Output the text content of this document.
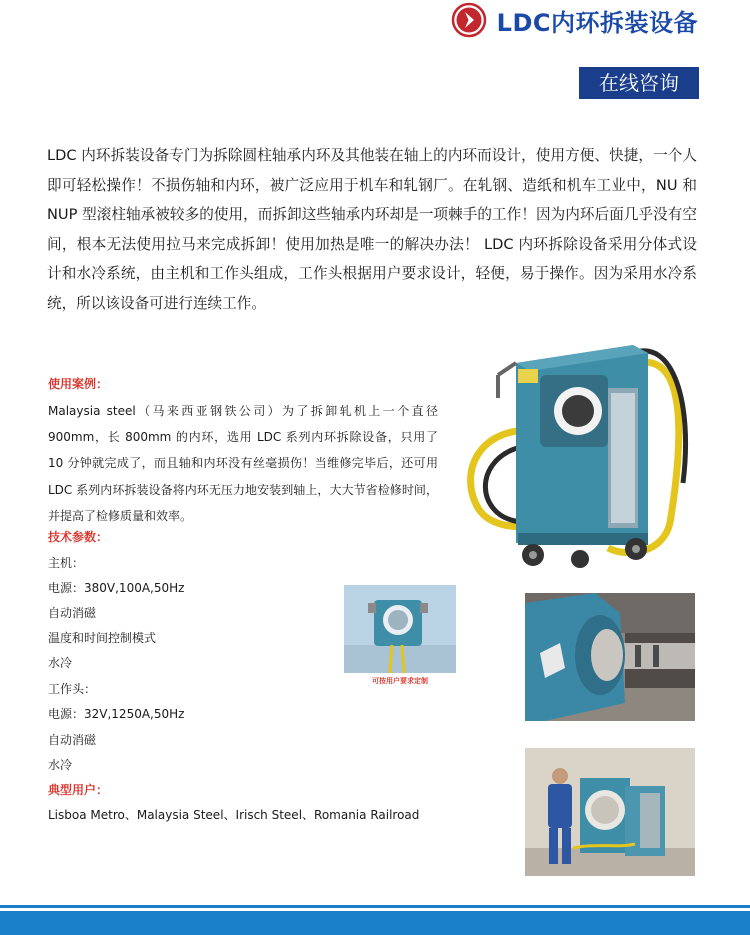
LDC内环拆装设备
在线咨询
LDC 内环拆装设备专门为拆除圆柱轴承内环及其他装在轴上的内环而设计，使用方便、快捷，一个人即可轻松操作！不损伤轴和内环，被广泛应用于机车和轧钢厂。在轧钢、造纸和机车工业中，NU 和 NUP 型滚柱轴承被较多的使用，而拆卸这些轴承内环却是一项棘手的工作！因为内环后面几乎没有空间，根本无法使用拉马来完成拆卸！使用加热是唯一的解决办法！ LDC 内环拆除设备采用分体式设计和水冷系统，由主机和工作头组成，工作头根据用户要求设计，轻便，易于操作。因为采用水冷系统，所以该设备可进行连续工作。
使用案例：
Malaysia steel（马来西亚钢铁公司）为了拆卸轧机上一个直径 900mm，长 800mm 的内环，选用 LDC 系列内环拆除设备，只用了 10 分钟就完成了，而且轴和内环没有丝毫损伤！当维修完毕后，还可用 LDC 系列内环拆装设备将内环无压力地安装到轴上，大大节省检修时间，并提高了检修质量和效率。
技术参数：
主机：
电源：380V,100A,50Hz
自动消磁
温度和时间控制模式
水冷
工作头：
电源：32V,1250A,50Hz
自动消磁
水冷
典型用户：
Lisboa Metro、Malaysia Steel、Irisch Steel、Romania Railroad
可按用户要求定制
